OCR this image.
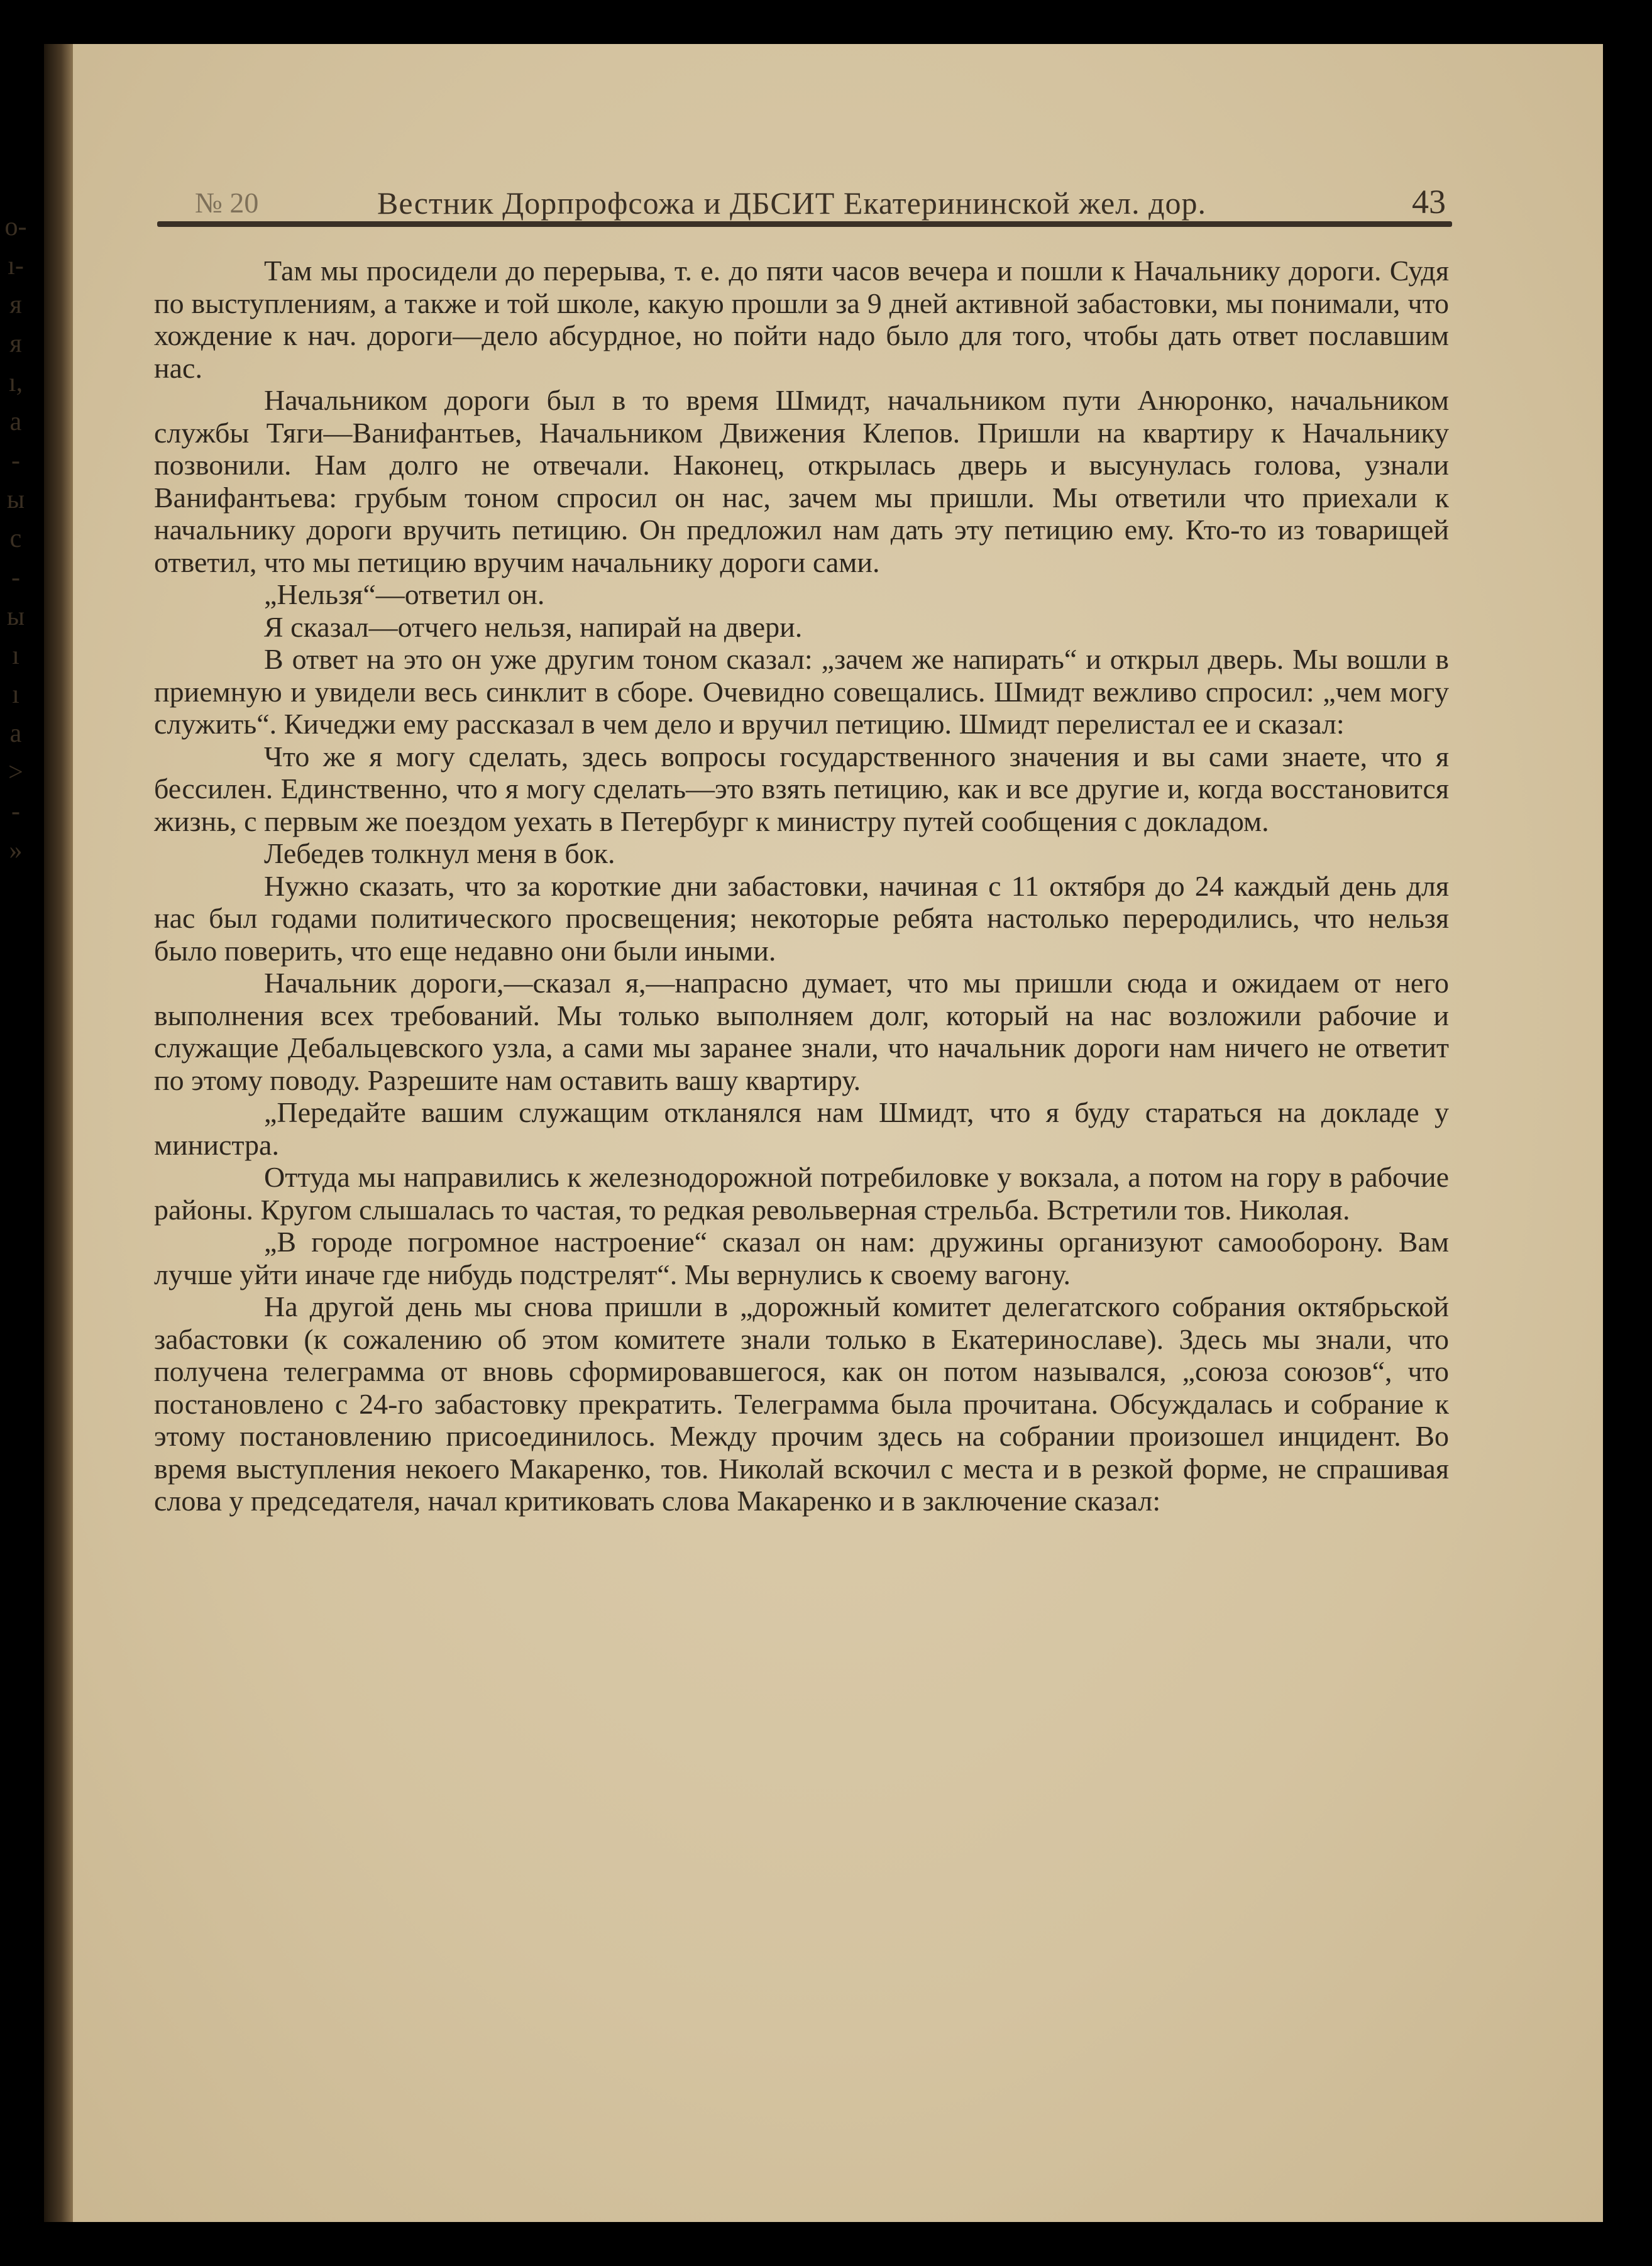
о-
ı-
я
я
ı,
а
-
ы
с
-
ы
ı
ı
а
>
-
»
№ 20	Вестник Дорпрофсожа и ДБСИТ Екатерининской жел. дор.	43

Там мы просидели до перерыва, т. е. до пяти часов вечера и пошли к Начальнику дороги. Судя по выступлениям, а также и той школе, какую прошли за 9 дней активной забастовки, мы понимали, что хождение к нач. дороги—дело абсурдное, но пойти надо было для того, чтобы дать ответ пославшим нас.

Начальником дороги был в то время Шмидт, начальником пути Анюронко, начальником службы Тяги—Ванифантьев, Начальником Движения Клепов. Пришли на квартиру к Начальнику позвонили. Нам долго не отвечали. Наконец, открылась дверь и высунулась голова, узнали Ванифантьева: грубым тоном спросил он нас, зачем мы пришли. Мы ответили что приехали к начальнику дороги вручить петицию. Он предложил нам дать эту петицию ему. Кто-то из товарищей ответил, что мы петицию вручим начальнику дороги сами.

„Нельзя“—ответил он.

Я сказал—отчего нельзя, напирай на двери.

В ответ на это он уже другим тоном сказал: „зачем же напирать“ и открыл дверь. Мы вошли в приемную и увидели весь синклит в сборе. Очевидно совещались. Шмидт вежливо спросил: „чем могу служить“. Кичеджи ему рассказал в чем дело и вручил петицию. Шмидт перелистал ее и сказал:

Что же я могу сделать, здесь вопросы государственного значения и вы сами знаете, что я бессилен. Единственно, что я могу сделать—это взять петицию, как и все другие и, когда восстановится жизнь, с первым же поездом уехать в Петербург к министру путей сообщения с докладом.

Лебедев толкнул меня в бок.

Нужно сказать, что за короткие дни забастовки, начиная с 11 октября до 24 каждый день для нас был годами политического просвещения; некоторые ребята настолько переродились, что нельзя было поверить, что еще недавно они были иными.

Начальник дороги,—сказал я,—напрасно думает, что мы пришли сюда и ожидаем от него выполнения всех требований. Мы только выполняем долг, который на нас возложили рабочие и служащие Дебальцевского узла, а сами мы заранее знали, что начальник дороги нам ничего не ответит по этому поводу. Разрешите нам оставить вашу квартиру.

„Передайте вашим служащим откланялся нам Шмидт, что я буду стараться на докладе у министра.

Оттуда мы направились к железнодорожной потребиловке у вокзала, а потом на гору в рабочие районы. Кругом слышалась то частая, то редкая револьверная стрельба. Встретили тов. Николая.

„В городе погромное настроение“ сказал он нам: дружины организуют самооборону. Вам лучше уйти иначе где нибудь подстрелят“. Мы вернулись к своему вагону.

На другой день мы снова пришли в „дорожный комитет делегатского собрания октябрьской забастовки (к сожалению об этом комитете знали только в Екатеринославе). Здесь мы знали, что получена телеграмма от вновь сформировавшегося, как он потом назывался, „союза союзов“, что постановлено с 24-го забастовку прекратить. Телеграмма была прочитана. Обсуждалась и собрание к этому постановлению присоединилось. Между прочим здесь на собрании произошел инцидент. Во время выступления некоего Макаренко, тов. Николай вскочил с места и в резкой форме, не спрашивая слова у председателя, начал критиковать слова Макаренко и в заключение сказал:
